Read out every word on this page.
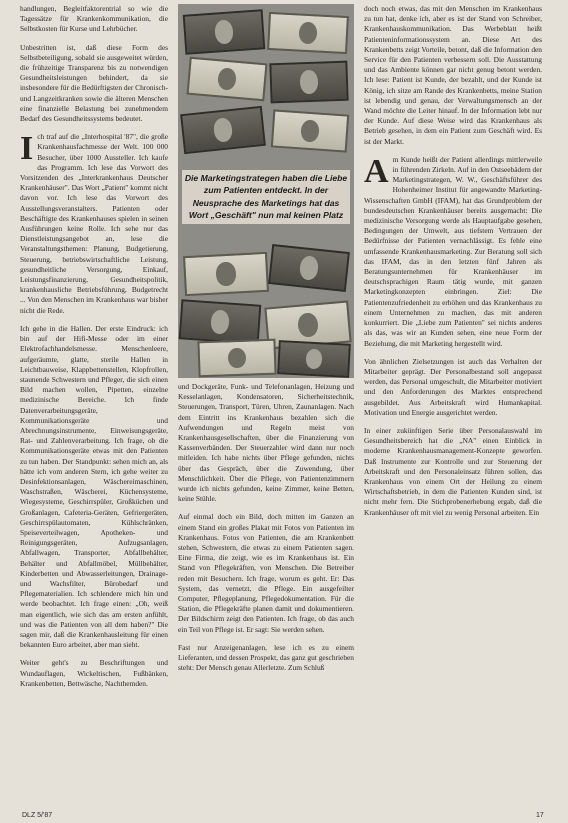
handlungen, Begleitfaktorentrial so wie die Tagessätze für Krankenkommunikation, die Selbstkosten für Kurse und Lehrbücher.

Unbestritten ist, daß diese Form des Selbstbeteiligung, sobald sie ausgeweitet würden, die frühzeitige Transparenz bis zu notwendigen Gesundheitsleistungen behindert, da sie insbesondere für die Bedürftigsten der Chronisch- und Langzeitkranken sowie die älteren Menschen eine finanzielle Belastung bei zunehmendem Bedarf des Gesundheitssystems bedeutet.

Ich traf auf die „Interhospital '87", die große Krankenhausfachmesse der Welt. 100 000 Besucher, über 1000 Aussteller. Ich kaufe das Programm. Ich lese das Vorwort des Vorsitzenden des „Interkrankenhaus Deutscher Krankenhäuser". Das Wort „Patient" kommt nicht davon vor. Ich lese das Vorwort des Ausstellungsveranstalters. Patienten oder Beschäftigte des Krankenhauses spielen in seinen Ausführungen keine Rolle. Ich sehe nur das Dienstleistungsangebot an, lese die Veranstaltungsthemen: Planung, Budgetierung, Steuerung, betriebswirtschaftliche Leistung, gesundheitliche Versorgung, Einkauf, Leistungsfinanzierung, Gesundheitspolitik, krankenhausliche Betriebsführung, Budgetrecht ... Von den Menschen im Krankenhaus war bisher nicht die Rede.

Ich gehe in die Hallen. Der erste Eindruck: ich bin auf der Hifi-Messe oder im einer Elektrofachhandelsmesse. Menschenleere, aufgeräumte, glatte, sterile Hallen in Leichtbauweise, Klappbettenstellen, Klopfrollen, staunende Schwestern und Pfleger, die sich einen Bild machen wollen, Pipetten, einzelne medizinische Bereiche. Ich finde Datenverarbeitungsgeräte, Kommunikationsgeräte und Abrechnungsinstrumente, Einweisungsgeräte, Rat- und Zahlenverarbeitung. Ich frage, ob die Kommunikationsgeräte etwas mit den Patienten zu tun haben. Der Standpunkt: sehen mich an, als hätte ich vom anderen Stern, ich gehe weiter zu Desinfektionsanlagen, Wäschereimaschinen, Waschstraßen, Wäscherei, Küchensysteme, Wiegesysteme, Geschirrspüler, Großküchen und Großanlagen, Cafeteria-Geräten, Gefriergeräten, Geschirrspülautomaten, Kühlschränken, Speiseverteilwagen, Apotheken- und Reinigungsgeräten, Aufzugsanlagen, Abfallwagen, Transporter, Abfallbehälter, Behälter und Abfallmöbel, Müllbehälter, Kinderbetten und Abwasserleitungen, Drainage- und Wachsfilter, Bürobedarf und Pflegematerialien. Ich schlendere mich hin und werde beobachtet. Ich frage einen: „Oh, weiß man eigentlich, wie sich das am ersten anfühlt, und was die Patienten von all dem haben?" Die sagen mir, daß die Krankenhausleitung für einen bekannten Euro arbeitet, aber man sieht.

Weiter geht's zu Beschriftungen und Wundauflagen, Wickeltischen, Fußbänken, Krankenbetten, Bettwäsche, Nachthemden.

Die Marketingstrategen haben die Liebe zum Patienten entdeckt. In der Neusprache des Marketings hat das Wort „Geschäft" nun mal keinen Platz

und Dockgeräte, Funk- und Telefonanlagen, Heizung und Kesselanlagen, Kondensatoren, Sicherheitstechnik, Steuerungen, Transport, Türen, Uhren, Zaunanlagen. Nach dem Eintritt ins Krankenhaus bezahlen sich die Aufwendungen und Regeln meist von Krankenhausgesellschaften, über die Finanzierung von Kassenverbänden. Der Steuerzahler wird dann nur noch mitleiden. Ich habe nichts über Pflege gefunden, nichts über das Gespräch, über die Zuwendung, über Menschlichkeit. Über die Pflege, von Patientenzimmern wurde ich nichts gefunden, keine Zimmer, keine Betten, keine Stühle.

Auf einmal doch ein Bild, doch mitten im Ganzen an einem Stand ein großes Plakat mit Fotos von Patienten im Krankenhaus. Fotos von Patienten, die am Krankenbett stehen, Schwestern, die etwas zu einem Patienten sagen. Eine Firma, die zeigt, wie es im Krankenhaus ist. Ein Stand von Pflegekräften, von Menschen. Die Betreiber reden mit Besuchern. Ich frage, worum es geht. Er: Das System, das vernetzt, die Pflege. Ein ausgefeilter Computer, Pflegeplanung, Pflegedokumentation. Für die Station, die Pflegekräfte planen damit und dokumentieren. Der Bildschirm zeigt den Patienten. Ich frage, ob das auch ein Teil von Pflege ist. Er sagt: Sie werden sehen.

Fast nur Anzeigenanlagen, lese ich es zu einem Lieferanten, und dessen Prospekt, das ganz gut geschrieben steht: Der Mensch genau Allerletzte. Zum Schluß

doch noch etwas, das mit den Menschen im Krankenhaus zu tun hat, denke ich, aber es ist der Stand von Schreiber, Krankenhauskommunikation. Das Werbeblatt heißt Patienteninformationssystem an. Diese Art des Krankenbetts zeigt Vorteile, betont, daß die Information den Service für den Patienten verbessern soll. Die Ausstattung und das Ambiente können gar nicht genug betont werden. Ich lese: Patient ist Kunde, der bezahlt, und der Kunde ist König, ich sitze am Rande des Krankenbetts, meine Station ist lebendig und genau, der Verwaltungsmensch an der Wand möchte die Leiter hinauf. In der Information lebt nur der Kunde. Auf diese Weise wird das Krankenhaus als Betrieb gesehen, in dem ein Patient zum Geschäft wird. Es ist der Markt.

Am Kunde heißt der Patient allerdings mittlerweile in führenden Zirkeln. Auf in den Ostseebädern der Marketingstrategen, W. W., Geschäftsführer des Hohenheimer Institut für angewandte Marketing-Wissenschaften GmbH (IFAM), hat das Grundproblem der bundesdeutschen Krankenhäuser bereits ausgemacht: Die medizinische Versorgung werde als Hauptaufgabe gesehen, Bedingungen der Umwelt, aus tiefstem Vertrauen der Bedürfnisse der Patienten vernachlässigt. Es fehle eine umfassende Krankenhausmarketing. Zur Beratung soll sich das IFAM, das in den letzten fünf Jahren als Beratungsunternehmen für Krankenhäuser im deutschsprachigen Raum tätig wurde, mit ganzen Marketingkonzepten einbringen. Ziel: Die Patientenzufriedenheit zu erhöhen und das Krankenhaus zu einem Unternehmen zu machen, das mit anderen konkurriert. Die „Liebe zum Patienten" sei nichts anderes als das, was wir an Kunden sehen, eine neue Form der Beziehung, die mit Marketing hergestellt wird.

Von ähnlichen Zielsetzungen ist auch das Verhalten der Mitarbeiter geprägt. Der Personalbestand soll angepasst werden, das Personal umgeschult, die Mitarbeiter motiviert und den Anforderungen des Marktes entsprechend ausgebildet. Aus Arbeitskraft wird Humankapital. Motivation und Energie ausgerichtet werden.

In einer zukünftigen Serie über Personalauswahl im Gesundheitsbereich hat die „NA" einen Einblick in moderne Krankenhausmanagement-Konzepte geworfen. Daß Instrumente zur Kontrolle und zur Steuerung der Arbeitskraft und den Personaleinsatz führen sollen, das Krankenhaus von einem Ort der Heilung zu einem Wirtschaftsbetrieb, in dem die Patienten Kunden sind, ist nicht mehr fern. Die Stichprobenerhebung ergab, daß die Krankenhäuser oft mit viel zu wenig Personal arbeiten. Ein

DLZ 5/'87	17
